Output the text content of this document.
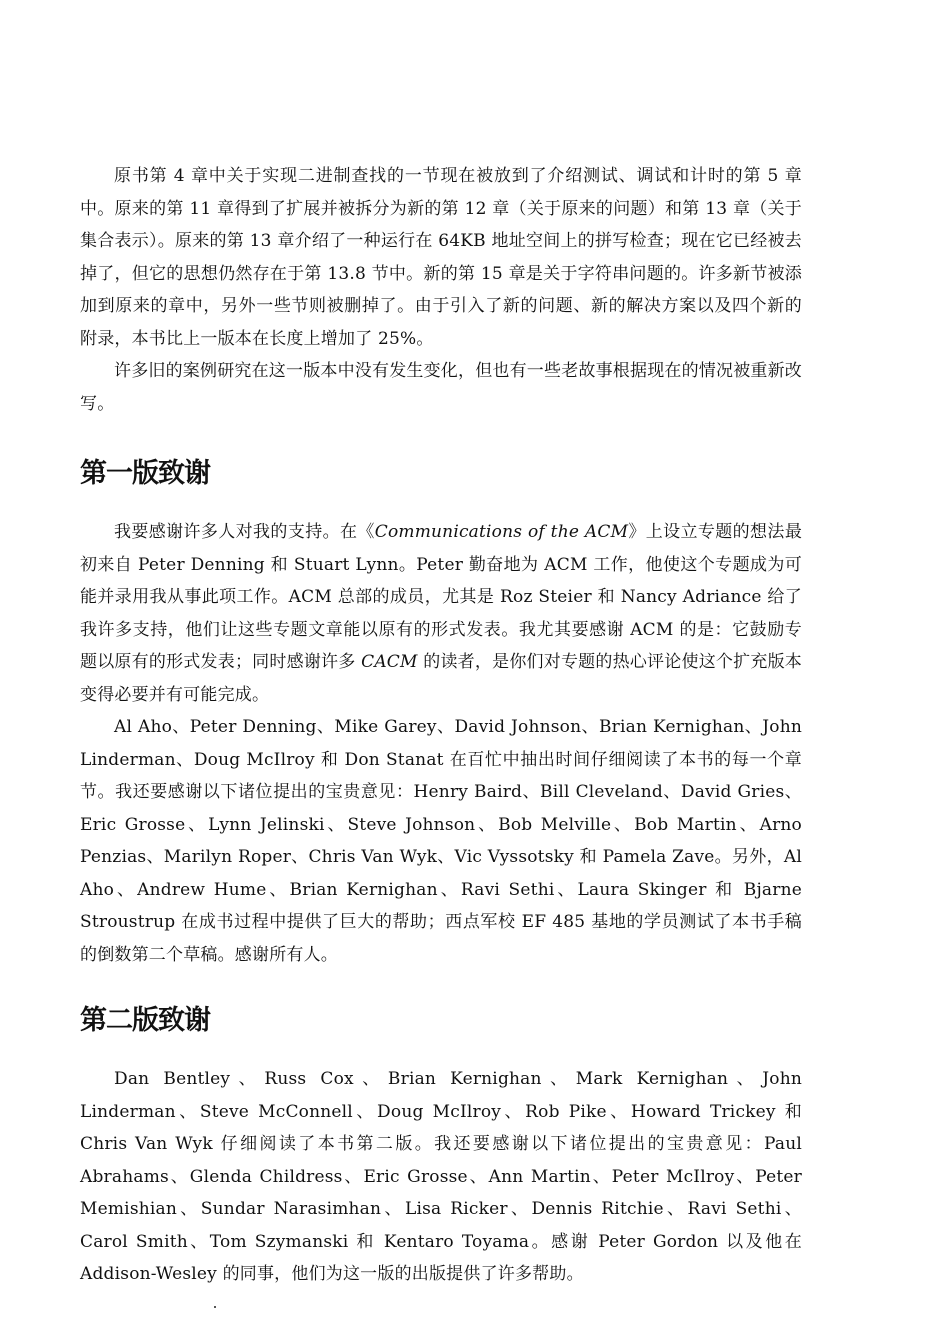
原书第 4 章中关于实现二进制查找的一节现在被放到了介绍测试、调试和计时的第 5 章中。原来的第 11 章得到了扩展并被拆分为新的第 12 章（关于原来的问题）和第 13 章（关于集合表示）。原来的第 13 章介绍了一种运行在 64KB 地址空间上的拼写检查；现在它已经被去掉了，但它的思想仍然存在于第 13.8 节中。新的第 15 章是关于字符串问题的。许多新节被添加到原来的章中，另外一些节则被删掉了。由于引入了新的问题、新的解决方案以及四个新的附录，本书比上一版本在长度上增加了 25%。

许多旧的案例研究在这一版本中没有发生变化，但也有一些老故事根据现在的情况被重新改写。

第一版致谢

我要感谢许多人对我的支持。在《Communications of the ACM》上设立专题的想法最初来自 Peter Denning 和 Stuart Lynn。Peter 勤奋地为 ACM 工作，他使这个专题成为可能并录用我从事此项工作。ACM 总部的成员，尤其是 Roz Steier 和 Nancy Adriance 给了我许多支持，他们让这些专题文章能以原有的形式发表。我尤其要感谢 ACM 的是：它鼓励专题以原有的形式发表；同时感谢许多 CACM 的读者，是你们对专题的热心评论使这个扩充版本变得必要并有可能完成。

Al Aho、Peter Denning、Mike Garey、David Johnson、Brian Kernighan、John Linderman、Doug McIlroy 和 Don Stanat 在百忙中抽出时间仔细阅读了本书的每一个章节。我还要感谢以下诸位提出的宝贵意见：Henry Baird、Bill Cleveland、David Gries、Eric Grosse、Lynn Jelinski、Steve Johnson、Bob Melville、Bob Martin、Arno Penzias、Marilyn Roper、Chris Van Wyk、Vic Vyssotsky 和 Pamela Zave。另外，Al Aho、Andrew Hume、Brian Kernighan、Ravi Sethi、Laura Skinger 和 Bjarne Stroustrup 在成书过程中提供了巨大的帮助；西点军校 EF 485 基地的学员测试了本书手稿的倒数第二个草稿。感谢所有人。

第二版致谢

Dan Bentley、Russ Cox、Brian Kernighan、Mark Kernighan、John Linderman、Steve McConnell、Doug McIlroy、Rob Pike、Howard Trickey 和 Chris Van Wyk 仔细阅读了本书第二版。我还要感谢以下诸位提出的宝贵意见：Paul Abrahams、Glenda Childress、Eric Grosse、Ann Martin、Peter McIlroy、Peter Memishian、Sundar Narasimhan、Lisa Ricker、Dennis Ritchie、Ravi Sethi、Carol Smith、Tom Szymanski 和 Kentaro Toyama。感谢 Peter Gordon 以及他在 Addison-Wesley 的同事，他们为这一版的出版提供了许多帮助。
